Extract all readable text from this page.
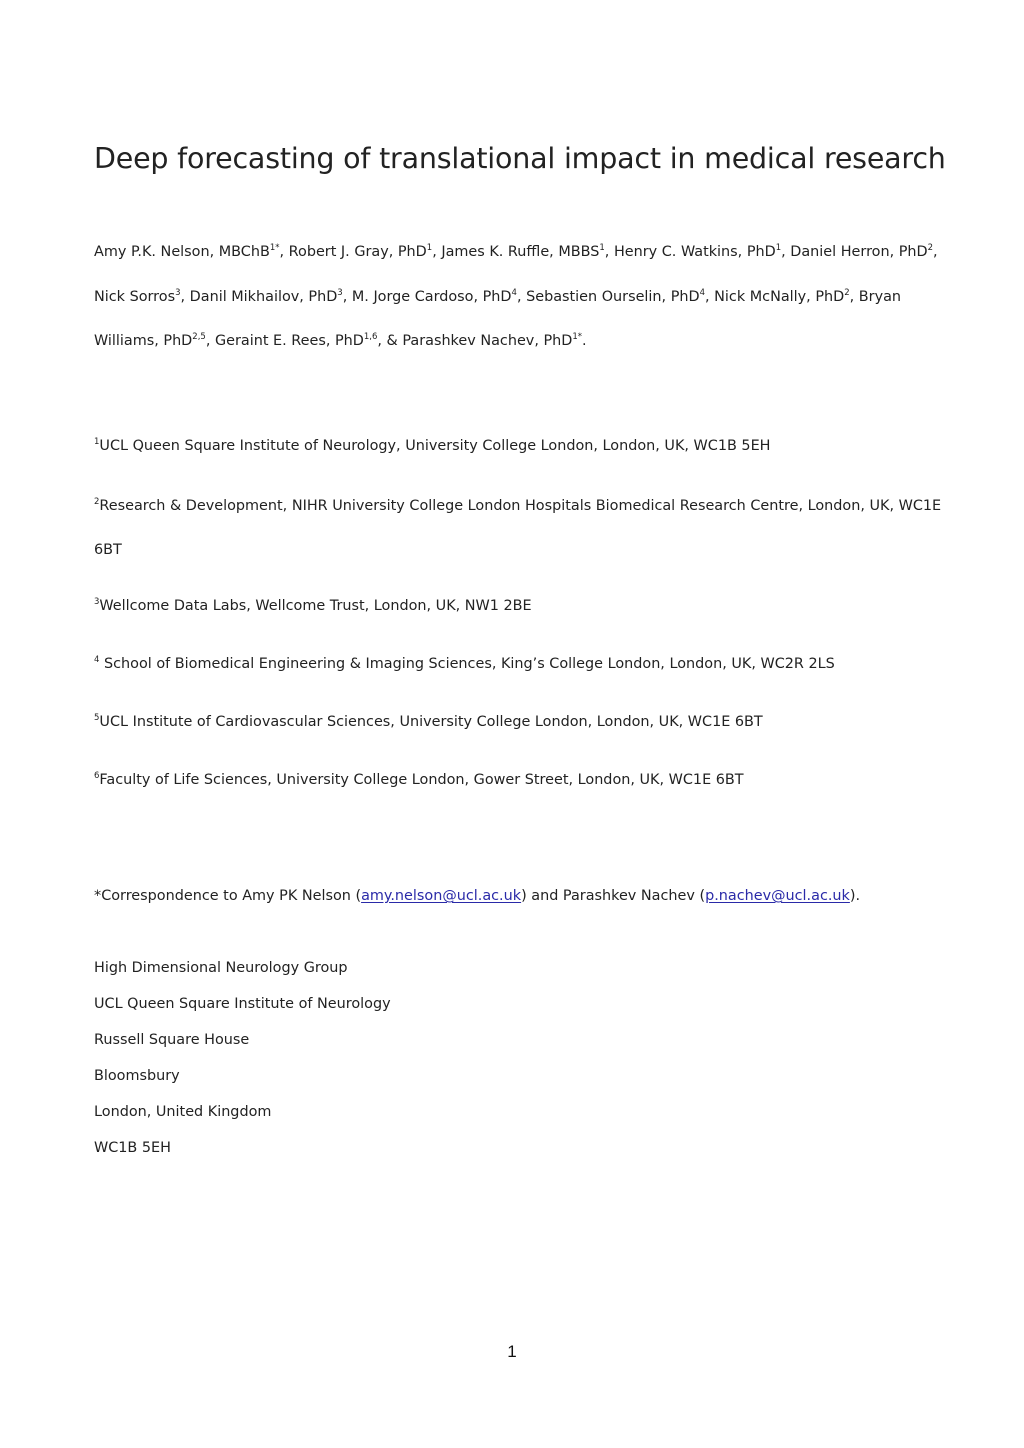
Deep forecasting of translational impact in medical research
Amy P.K. Nelson, MBChB$^{1*}$, Robert J. Gray, PhD$^1$, James K. Ruffle, MBBS$^1$, Henry C. Watkins, PhD$^1$, Daniel Herron, PhD$^2$, Nick Sorros$^3$, Danil Mikhailov, PhD$^3$, M. Jorge Cardoso, PhD$^4$, Sebastien Ourselin, PhD$^4$, Nick McNally, PhD$^2$, Bryan Williams, PhD$^{2,5}$, Geraint E. Rees, PhD$^{1,6}$, & Parashkev Nachev, PhD$^{1*}$.
$^1$UCL Queen Square Institute of Neurology, University College London, London, UK, WC1B 5EH
$^2$Research & Development, NIHR University College London Hospitals Biomedical Research Centre, London, UK, WC1E 6BT
$^3$Wellcome Data Labs, Wellcome Trust, London, UK, NW1 2BE
$^4$ School of Biomedical Engineering & Imaging Sciences, King’s College London, London, UK, WC2R 2LS
$^5$UCL Institute of Cardiovascular Sciences, University College London, London, UK, WC1E 6BT
$^6$Faculty of Life Sciences, University College London, Gower Street, London, UK, WC1E 6BT
*Correspondence to Amy PK Nelson (amy.nelson@ucl.ac.uk) and Parashkev Nachev (p.nachev@ucl.ac.uk).
High Dimensional Neurology Group
UCL Queen Square Institute of Neurology
Russell Square House
Bloomsbury
London, United Kingdom
WC1B 5EH
1
